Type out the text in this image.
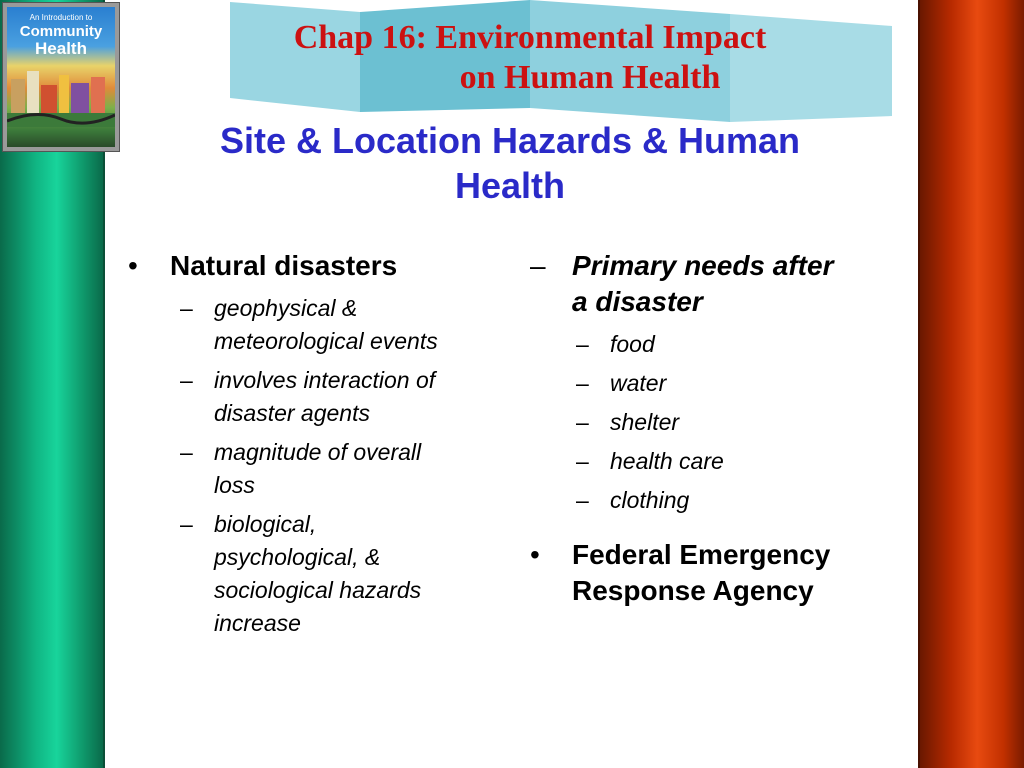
An Introduction to
Community
Health	Chap 16: Environmental Impact
on Human Health
Site & Location Hazards & Human
Health
•	Natural disasters
– geophysical &
meteorological events
– involves interaction of
disaster agents
– magnitude of overall
loss
– biological,
psychological, &
sociological hazards
increase
– Primary needs after
a disaster
– food
– water
– shelter
– health care
– clothing
•	Federal Emergency
Response Agency
